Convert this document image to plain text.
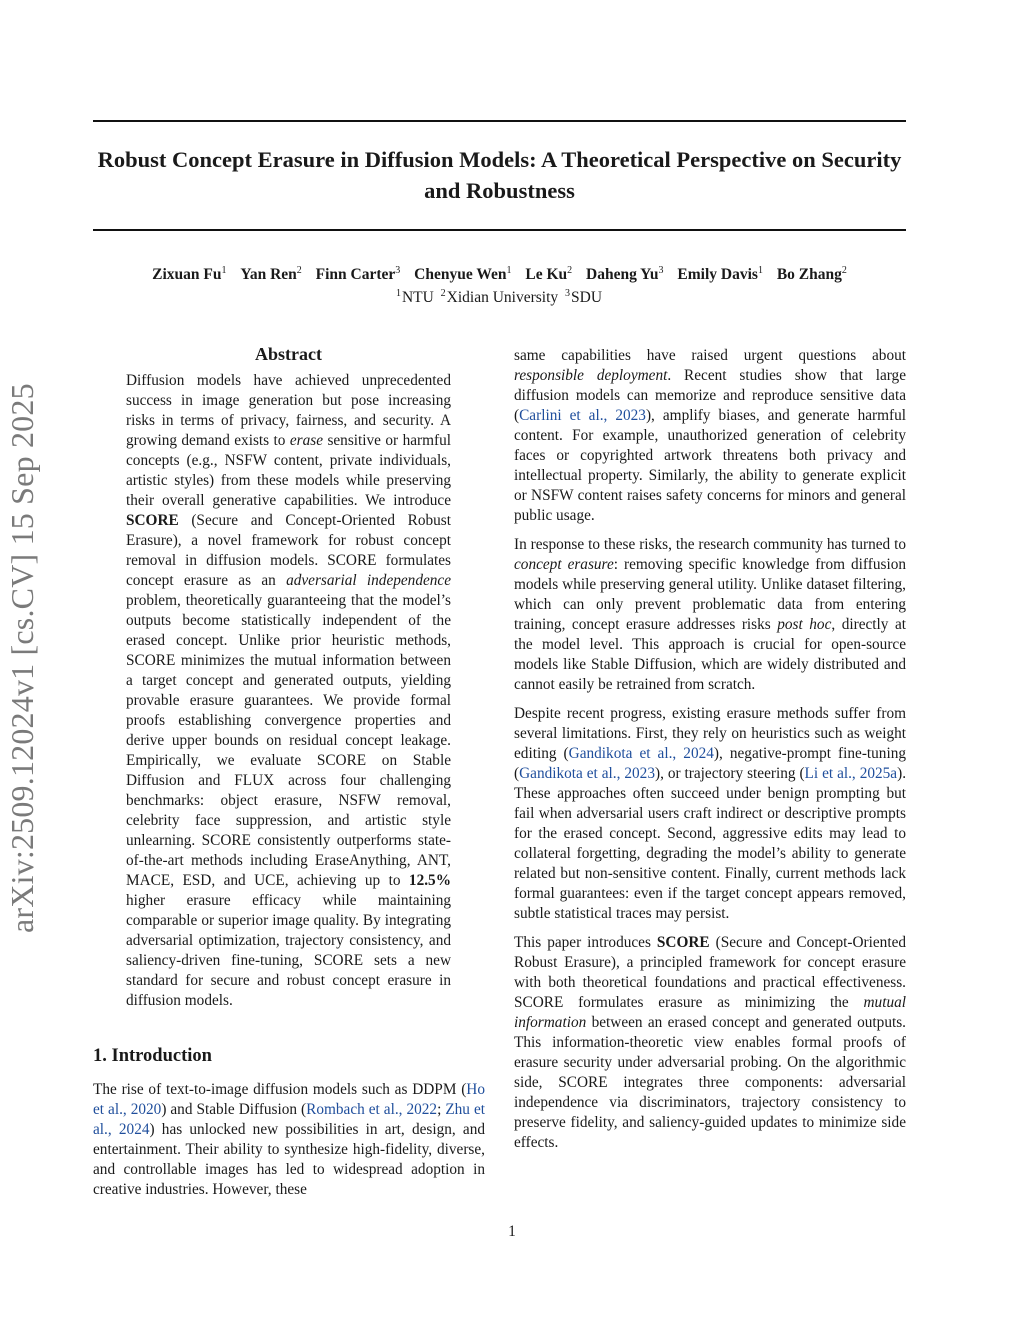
Robust Concept Erasure in Diffusion Models: A Theoretical Perspective on Security and Robustness
Zixuan Fu$^1$ Yan Ren$^2$ Finn Carter$^3$ Chenyue Wen$^1$ Le Ku$^2$ Daheng Yu$^3$ Emily Davis$^1$ Bo Zhang$^2$
$^1$NTU $^2$Xidian University $^3$SDU
arXiv:2509.12024v1 [cs.CV] 15 Sep 2025
Abstract
Diffusion models have achieved unprecedented success in image generation but pose increasing risks in terms of privacy, fairness, and security. A growing demand exists to erase sensitive or harmful concepts (e.g., NSFW content, private individuals, artistic styles) from these models while preserving their overall generative capabilities. We introduce SCORE (Secure and Concept-Oriented Robust Erasure), a novel framework for robust concept removal in diffusion models. SCORE formulates concept erasure as an adversarial independence problem, theoretically guaranteeing that the model’s outputs become statistically independent of the erased concept. Unlike prior heuristic methods, SCORE minimizes the mutual information between a target concept and generated outputs, yielding provable erasure guarantees. We provide formal proofs establishing convergence properties and derive upper bounds on residual concept leakage. Empirically, we evaluate SCORE on Stable Diffusion and FLUX across four challenging benchmarks: object erasure, NSFW removal, celebrity face suppression, and artistic style unlearning. SCORE consistently outperforms state-of-the-art methods including EraseAnything, ANT, MACE, ESD, and UCE, achieving up to 12.5% higher erasure efficacy while maintaining comparable or superior image quality. By integrating adversarial optimization, trajectory consistency, and saliency-driven fine-tuning, SCORE sets a new standard for secure and robust concept erasure in diffusion models.
1. Introduction
The rise of text-to-image diffusion models such as DDPM (Ho et al., 2020) and Stable Diffusion (Rombach et al., 2022; Zhu et al., 2024) has unlocked new possibilities in art, design, and entertainment. Their ability to synthesize high-fidelity, diverse, and controllable images has led to widespread adoption in creative industries. However, these

same capabilities have raised urgent questions about responsible deployment. Recent studies show that large diffusion models can memorize and reproduce sensitive data (Carlini et al., 2023), amplify biases, and generate harmful content. For example, unauthorized generation of celebrity faces or copyrighted artwork threatens both privacy and intellectual property. Similarly, the ability to generate explicit or NSFW content raises safety concerns for minors and general public usage.

In response to these risks, the research community has turned to concept erasure: removing specific knowledge from diffusion models while preserving general utility. Unlike dataset filtering, which can only prevent problematic data from entering training, concept erasure addresses risks post hoc, directly at the model level. This approach is crucial for open-source models like Stable Diffusion, which are widely distributed and cannot easily be retrained from scratch.

Despite recent progress, existing erasure methods suffer from several limitations. First, they rely on heuristics such as weight editing (Gandikota et al., 2024), negative-prompt fine-tuning (Gandikota et al., 2023), or trajectory steering (Li et al., 2025a). These approaches often succeed under benign prompting but fail when adversarial users craft indirect or descriptive prompts for the erased concept. Second, aggressive edits may lead to collateral forgetting, degrading the model’s ability to generate related but non-sensitive content. Finally, current methods lack formal guarantees: even if the target concept appears removed, subtle statistical traces may persist.

This paper introduces SCORE (Secure and Concept-Oriented Robust Erasure), a principled framework for concept erasure with both theoretical foundations and practical effectiveness. SCORE formulates erasure as minimizing the mutual information between an erased concept and generated outputs. This information-theoretic view enables formal proofs of erasure security under adversarial probing. On the algorithmic side, SCORE integrates three components: adversarial independence via discriminators, trajectory consistency to preserve fidelity, and saliency-guided updates to minimize side effects.

1
